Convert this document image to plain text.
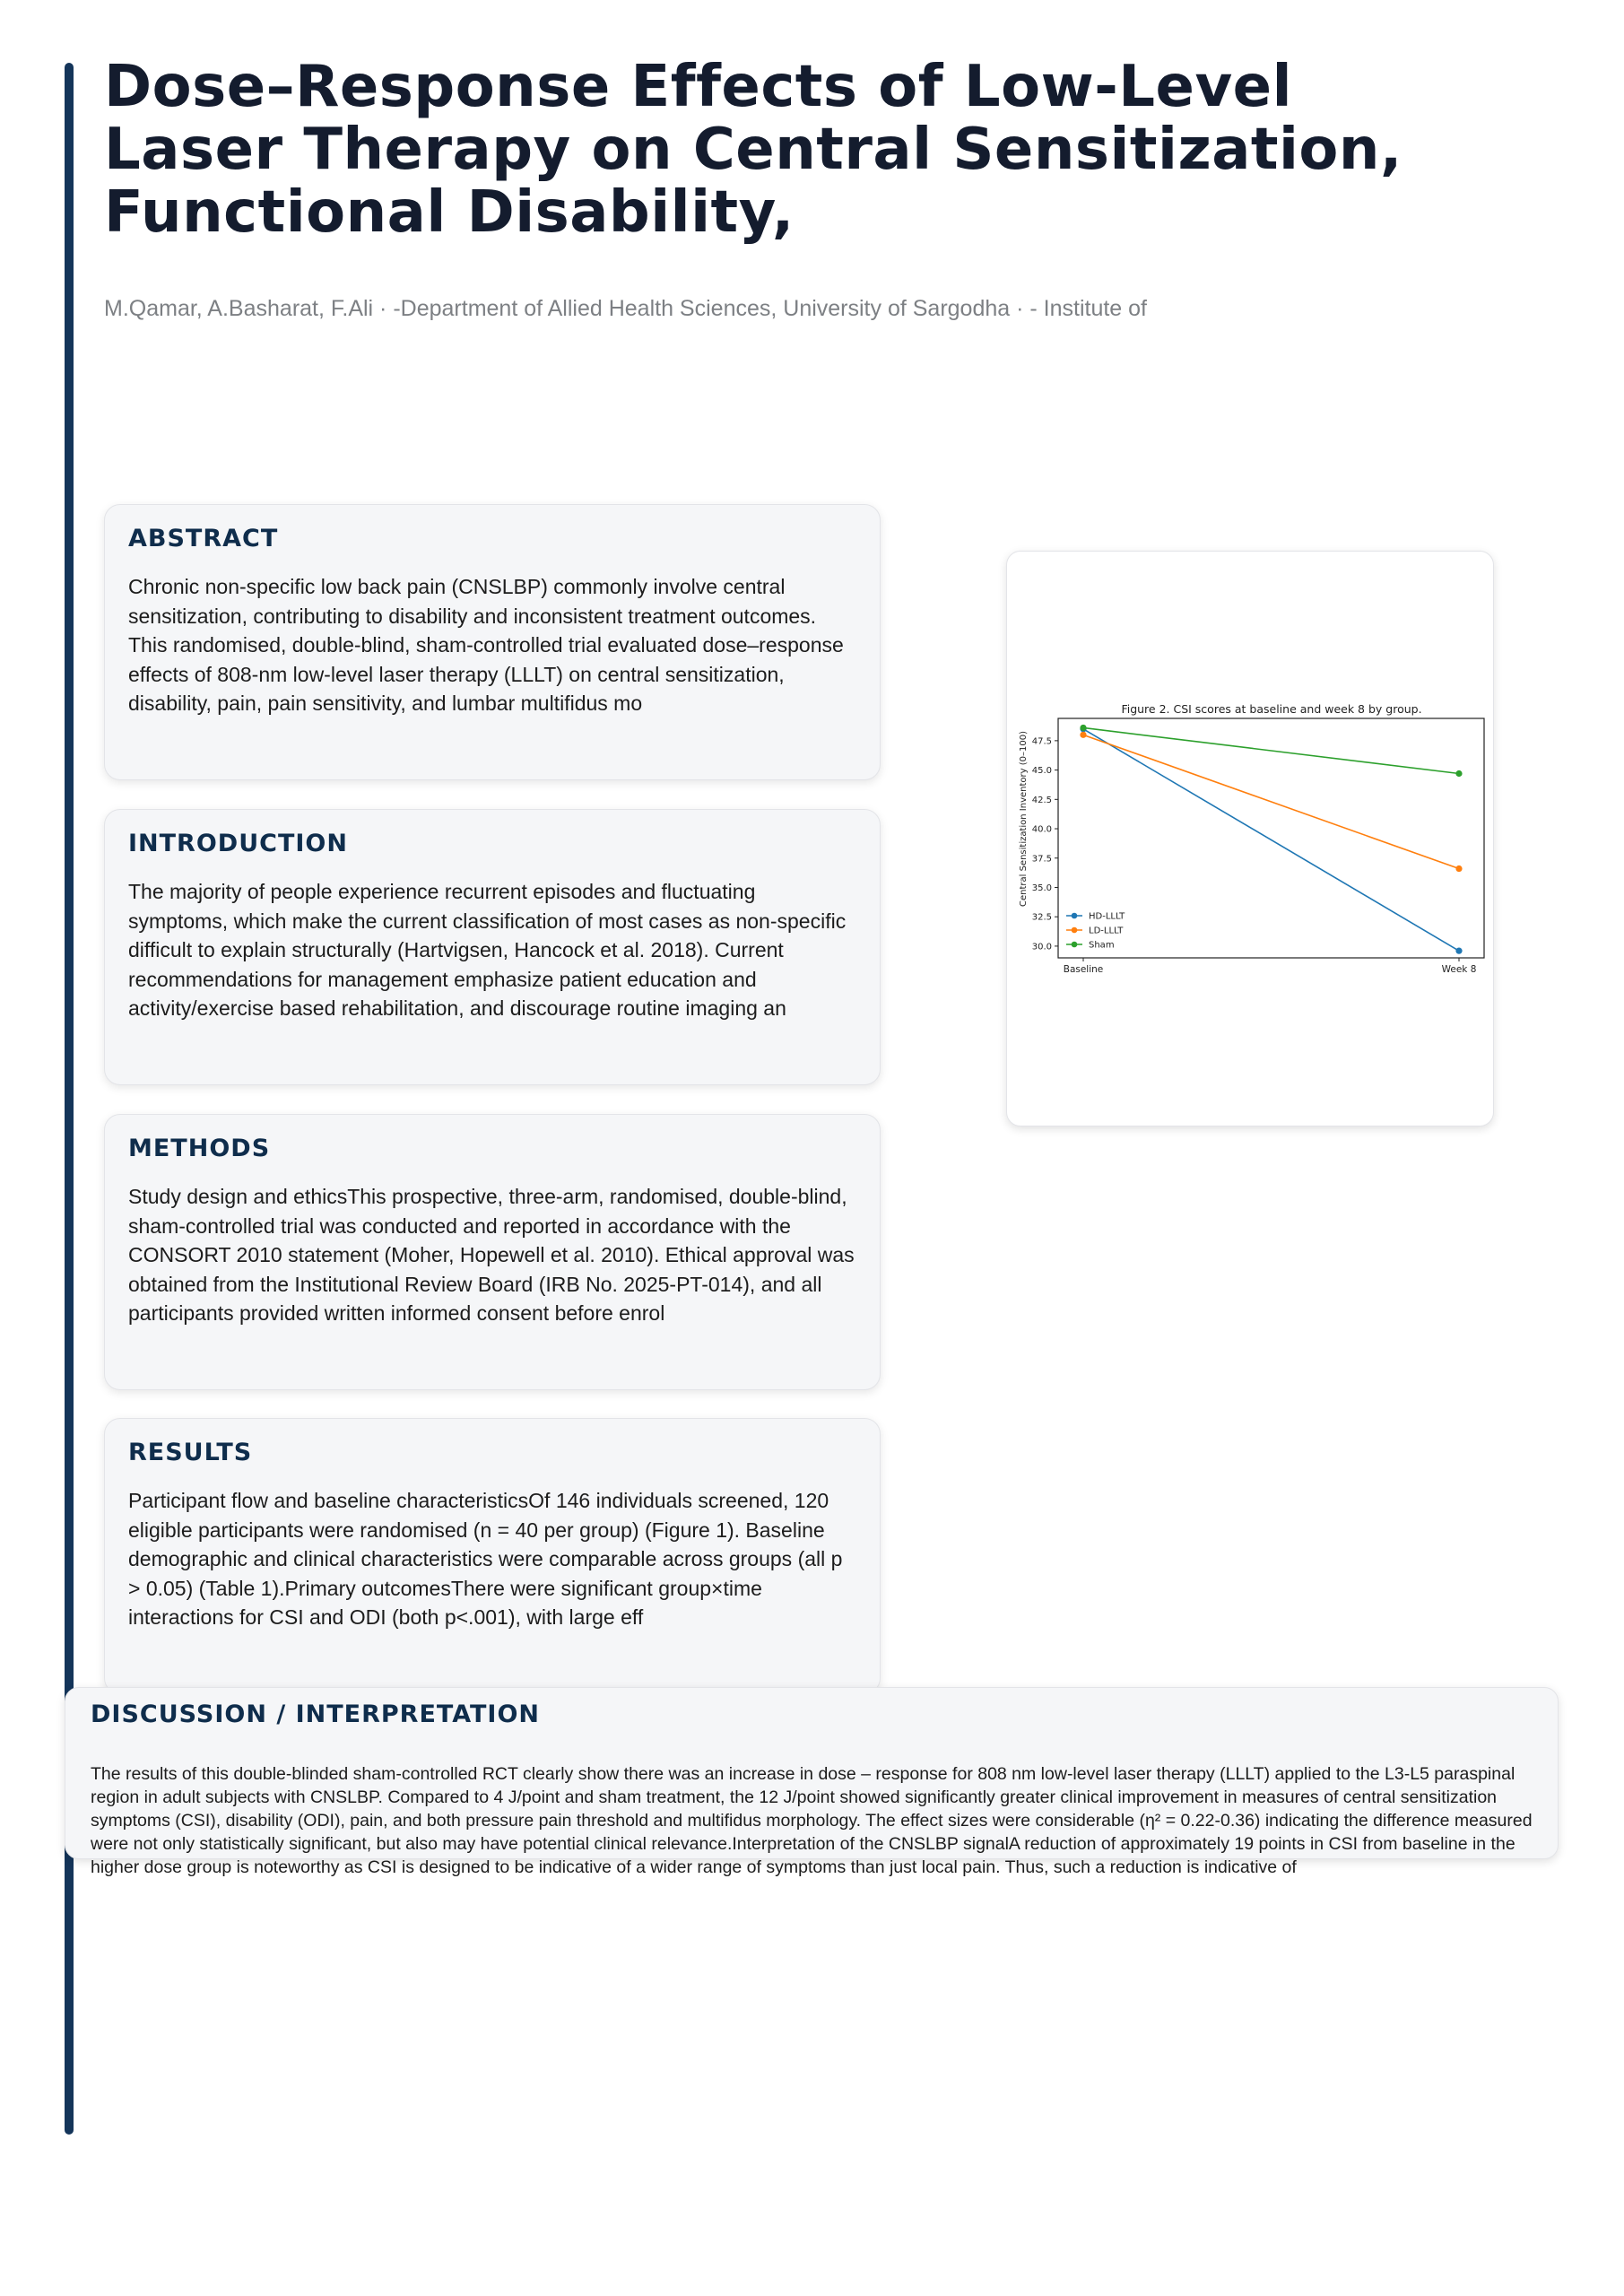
Dose–Response Effects of Low-Level Laser Therapy on Central Sensitization, Functional Disability,
M.Qamar, A.Basharat, F.Ali · -Department of Allied Health Sciences, University of Sargodha · - Institute of
ABSTRACT

Chronic non-specific low back pain (CNSLBP) commonly involve central sensitization, contributing to disability and inconsistent treatment outcomes. This randomised, double-blind, sham-controlled trial evaluated dose–response effects of 808-nm low-level laser therapy (LLLT) on central sensitization, disability, pain, pain sensitivity, and lumbar multifidus mo

INTRODUCTION

The majority of people experience recurrent episodes and fluctuating symptoms, which make the current classification of most cases as non-specific difficult to explain structurally (Hartvigsen, Hancock et al. 2018). Current recommendations for management emphasize patient education and activity/exercise based rehabilitation, and discourage routine imaging an

METHODS

Study design and ethicsThis prospective, three-arm, randomised, double-blind, sham-controlled trial was conducted and reported in accordance with the CONSORT 2010 statement (Moher, Hopewell et al. 2010). Ethical approval was obtained from the Institutional Review Board (IRB No. 2025-PT-014), and all participants provided written informed consent before enrol

RESULTS

Participant flow and baseline characteristicsOf 146 individuals screened, 120 eligible participants were randomised (n = 40 per group) (Figure 1). Baseline demographic and clinical characteristics were comparable across groups (all p > 0.05) (Table 1).Primary outcomesThere were significant group×time interactions for CSI and ODI (both p<.001), with large eff

Figure 2. CSI scores at baseline and week 8 by group.
Central Sensitization Inventory (0–100) 47.5
45.0
42.5
40.0
37.5
35.0
32.5
30.0
Baseline	Week 8
HD-LLLT
LD-LLLT
Sham
DISCUSSION / INTERPRETATION

The results of this double-blinded sham-controlled RCT clearly show there was an increase in dose – response for 808 nm low-level laser therapy (LLLT) applied to the L3-L5 paraspinal region in adult subjects with CNSLBP. Compared to 4 J/point and sham treatment, the 12 J/point showed significantly greater clinical improvement in measures of central sensitization symptoms (CSI), disability (ODI), pain, and both pressure pain threshold and multifidus morphology. The effect sizes were considerable (η² = 0.22-0.36) indicating the difference measured were not only statistically significant, but also may have potential clinical relevance.Interpretation of the CNSLBP signalA reduction of approximately 19 points in CSI from baseline in the higher dose group is noteworthy as CSI is designed to be indicative of a wider range of symptoms than just local pain. Thus, such a reduction is indicative of
